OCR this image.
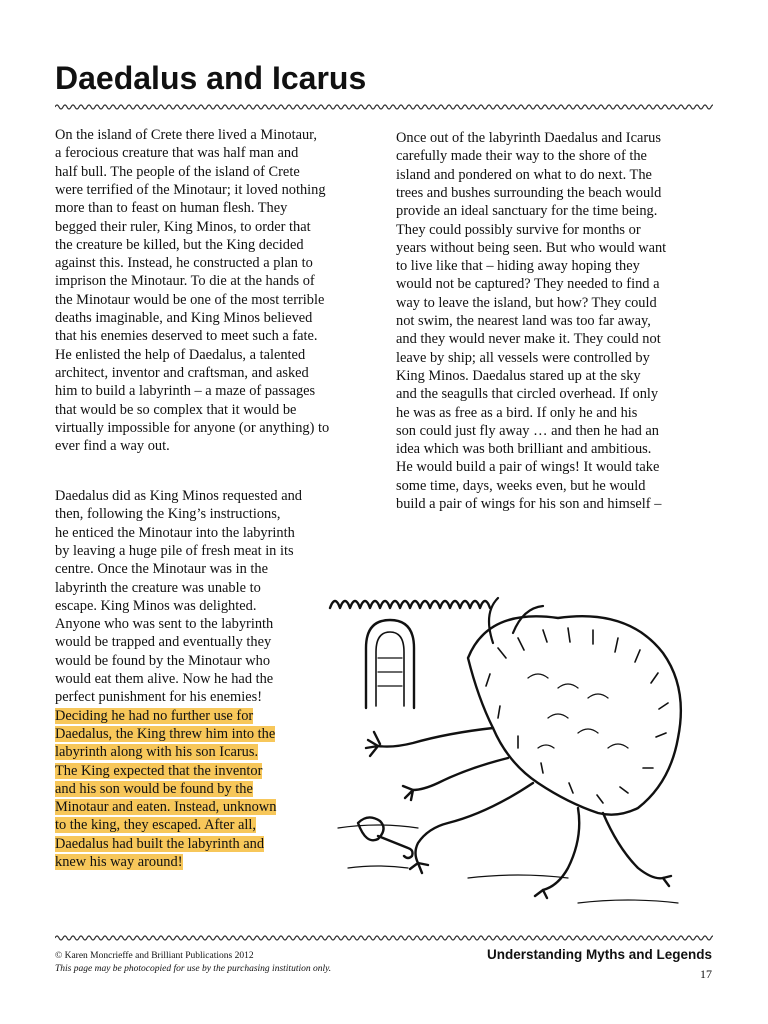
Daedalus and Icarus
On the island of Crete there lived a Minotaur,
a ferocious creature that was half man and
half bull. The people of the island of Crete
were terrified of the Minotaur; it loved nothing
more than to feast on human flesh. They
begged their ruler, King Minos, to order that
the creature be killed, but the King decided
against this. Instead, he constructed a plan to
imprison the Minotaur. To die at the hands of
the Minotaur would be one of the most terrible
deaths imaginable, and King Minos believed
that his enemies deserved to meet such a fate.
He enlisted the help of Daedalus, a talented
architect, inventor and craftsman, and asked
him to build a labyrinth – a maze of passages
that would be so complex that it would be
virtually impossible for anyone (or anything) to
ever find a way out.
Daedalus did as King Minos requested and
then, following the King’s instructions,
he enticed the Minotaur into the labyrinth
by leaving a huge pile of fresh meat in its
centre. Once the Minotaur was in the
labyrinth the creature was unable to
escape. King Minos was delighted.
Anyone who was sent to the labyrinth
would be trapped and eventually they
would be found by the Minotaur who
would eat them alive. Now he had the
perfect punishment for his enemies!
Deciding he had no further use for
Daedalus, the King threw him into the
labyrinth along with his son Icarus.
The King expected that the inventor
and his son would be found by the
Minotaur and eaten. Instead, unknown
to the king, they escaped. After all,
Daedalus had built the labyrinth and
knew his way around!
Once out of the labyrinth Daedalus and Icarus
carefully made their way to the shore of the
island and pondered on what to do next. The
trees and bushes surrounding the beach would
provide an ideal sanctuary for the time being.
They could possibly survive for months or
years without being seen. But who would want
to live like that – hiding away hoping they
would not be captured? They needed to find a
way to leave the island, but how? They could
not swim, the nearest land was too far away,
and they would never make it. They could not
leave by ship; all vessels were controlled by
King Minos. Daedalus stared up at the sky
and the seagulls that circled overhead. If only
he was as free as a bird. If only he and his
son could just fly away … and then he had an
idea which was both brilliant and ambitious.
He would build a pair of wings! It would take
some time, days, weeks even, but he would
build a pair of wings for his son and himself –
© Karen Moncrieffe and Brilliant Publications 2012
This page may be photocopied for use by the purchasing institution only.
Understanding Myths and Legends
17
